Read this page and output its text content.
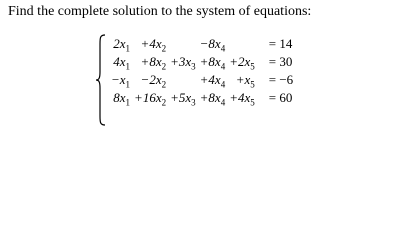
Find the complete solution to the system of equations:
$2x_1$	$+4x_2$		$-8x_4$		= 14
$4x_1$	$+8x_2$	$+3x_3$	$+8x_4$	$+2x_5$	= 30
$-x_1$	$-2x_2$		$+4x_4$	$+x_5$	= −6
$8x_1$	$+16x_2$	$+5x_3$	$+8x_4$	$+4x_5$	= 60
